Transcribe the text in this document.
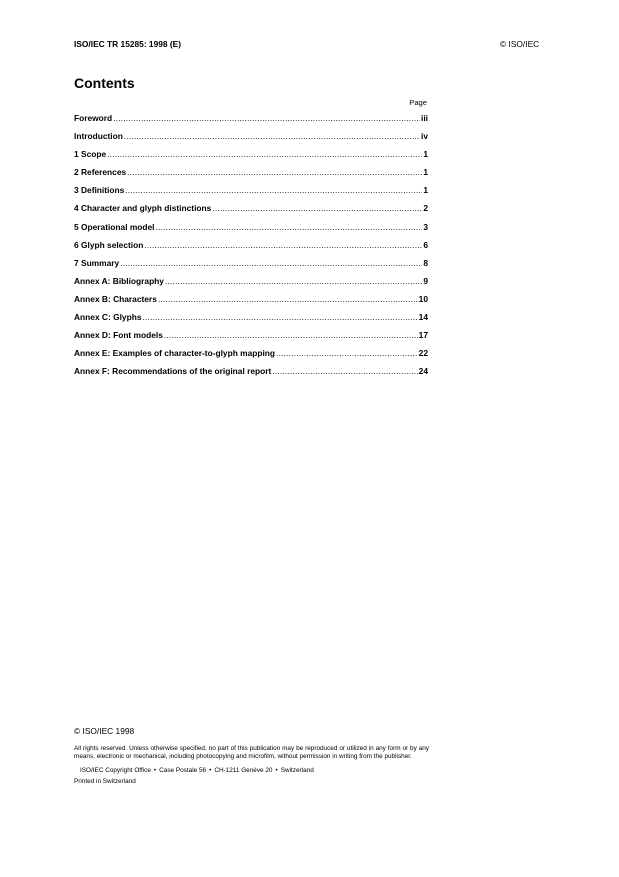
ISO/IEC TR 15285: 1998 (E)	© ISO/IEC
Contents
Page
Foreword .....	iii
Introduction .....	iv
1 Scope .....	1
2 References .....	1
3 Definitions .....	1
4 Character and glyph distinctions .....	2
5 Operational model .....	3
6 Glyph selection .....	6
7 Summary .....	8
Annex A: Bibliography .....	9
Annex B: Characters .....	10
Annex C: Glyphs .....	14
Annex D: Font models .....	17
Annex E: Examples of character-to-glyph mapping .....	22
Annex F: Recommendations of the original report .....	24
© ISO/IEC 1998

All rights reserved. Unless otherwise specified, no part of this publication may be reproduced or utilized in any form or by any means, electronic or mechanical, including photocopying and microfilm, without permission in writing from the publisher.

ISO/IEC Copyright Office • Case Postale 56 • CH-1211 Genève 20 • Switzerland
Printed in Switzerland
